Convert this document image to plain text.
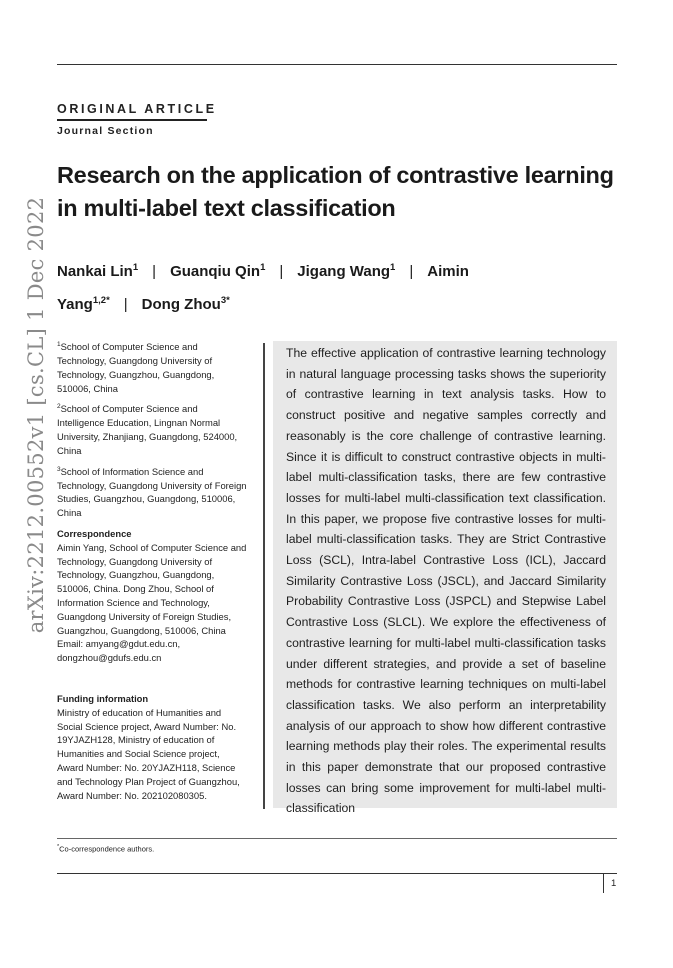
ORIGINAL ARTICLE
Journal Section
arXiv:2212.00552v1 [cs.CL] 1 Dec 2022
Research on the application of contrastive learning in multi-label text classification
Nankai Lin$^1$ | Guanqiu Qin$^1$ | Jigang Wang$^1$ | Aimin Yang$^{1,2*}$ | Dong Zhou$^{3*}$

$^1$School of Computer Science and Technology, Guangdong University of Technology, Guangzhou, Guangdong, 510006, China

$^2$School of Computer Science and Intelligence Education, Lingnan Normal University, Zhanjiang, Guangdong, 524000, China

$^3$School of Information Science and Technology, Guangdong University of Foreign Studies, Guangzhou, Guangdong, 510006, China

Correspondence
Aimin Yang, School of Computer Science and Technology, Guangdong University of Technology, Guangzhou, Guangdong, 510006, China. Dong Zhou, School of Information Science and Technology, Guangdong University of Foreign Studies, Guangzhou, Guangdong, 510006, China
Email: amyang@gdut.edu.cn, dongzhou@gdufs.edu.cn
Funding information
Ministry of education of Humanities and Social Science project, Award Number: No. 19YJAZH128, Ministry of education of Humanities and Social Science project, Award Number: No. 20YJAZH118, Science and Technology Plan Project of Guangzhou, Award Number: No. 202102080305.

The effective application of contrastive learning technology in natural language processing tasks shows the superiority of contrastive learning in text analysis tasks. How to construct positive and negative samples correctly and reasonably is the core challenge of contrastive learning. Since it is difficult to construct contrastive objects in multi-label multi-classification tasks, there are few contrastive losses for multi-label multi-classification text classification. In this paper, we propose five contrastive losses for multi-label multi-classification tasks. They are Strict Contrastive Loss (SCL), Intra-label Contrastive Loss (ICL), Jaccard Similarity Contrastive Loss (JSCL), and Jaccard Similarity Probability Contrastive Loss (JSPCL) and Stepwise Label Contrastive Loss (SLCL). We explore the effectiveness of contrastive learning for multi-label multi-classification tasks under different strategies, and provide a set of baseline methods for contrastive learning techniques on multi-label classification tasks. We also perform an interpretability analysis of our approach to show how different contrastive learning methods play their roles. The experimental results in this paper demonstrate that our proposed contrastive losses can bring some improvement for multi-label multi-classification

*Co-correspondence authors.
1
